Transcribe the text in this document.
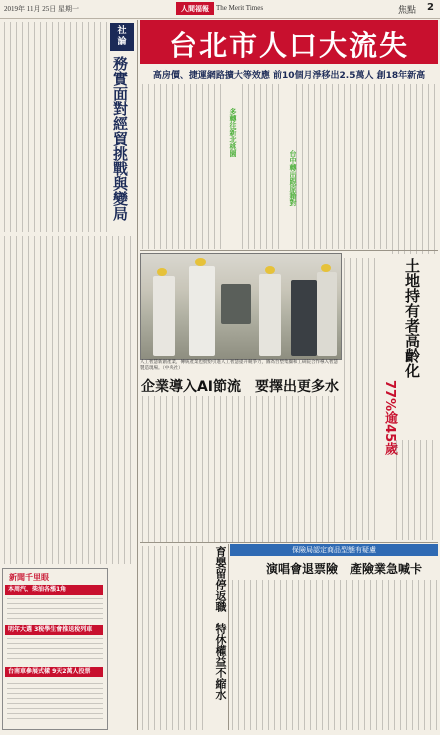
2019年 11月 25日 星期一	人間福報	The Merit Times	焦點 2
社
論
務實面對經貿挑戰與變局
台北市人口大流失
高房價、捷運網路擴大等效應 前10個月淨移出2.5萬人 創18年新高
多轉往新北桃園
台中轉出跟原籍對
人工智慧新創產業，傳統產業也紛紛引進人工智慧提升競爭力，圖為台塑集團和工研院合作導入智慧製造現場。（中央社）	土地持有者高齡化
77%逾45歲
企業導入AI節流　要擇出更多水
育嬰留停返職　特休權益不縮水	保險局認定商品型態有疑慮
演唱會退票險　產險業急喊卡
新聞千里眼
本周汽、柴油各漲1角
明年大選 3税學生會推送稅列車
台南車參展式樣 9天2萬人投票
